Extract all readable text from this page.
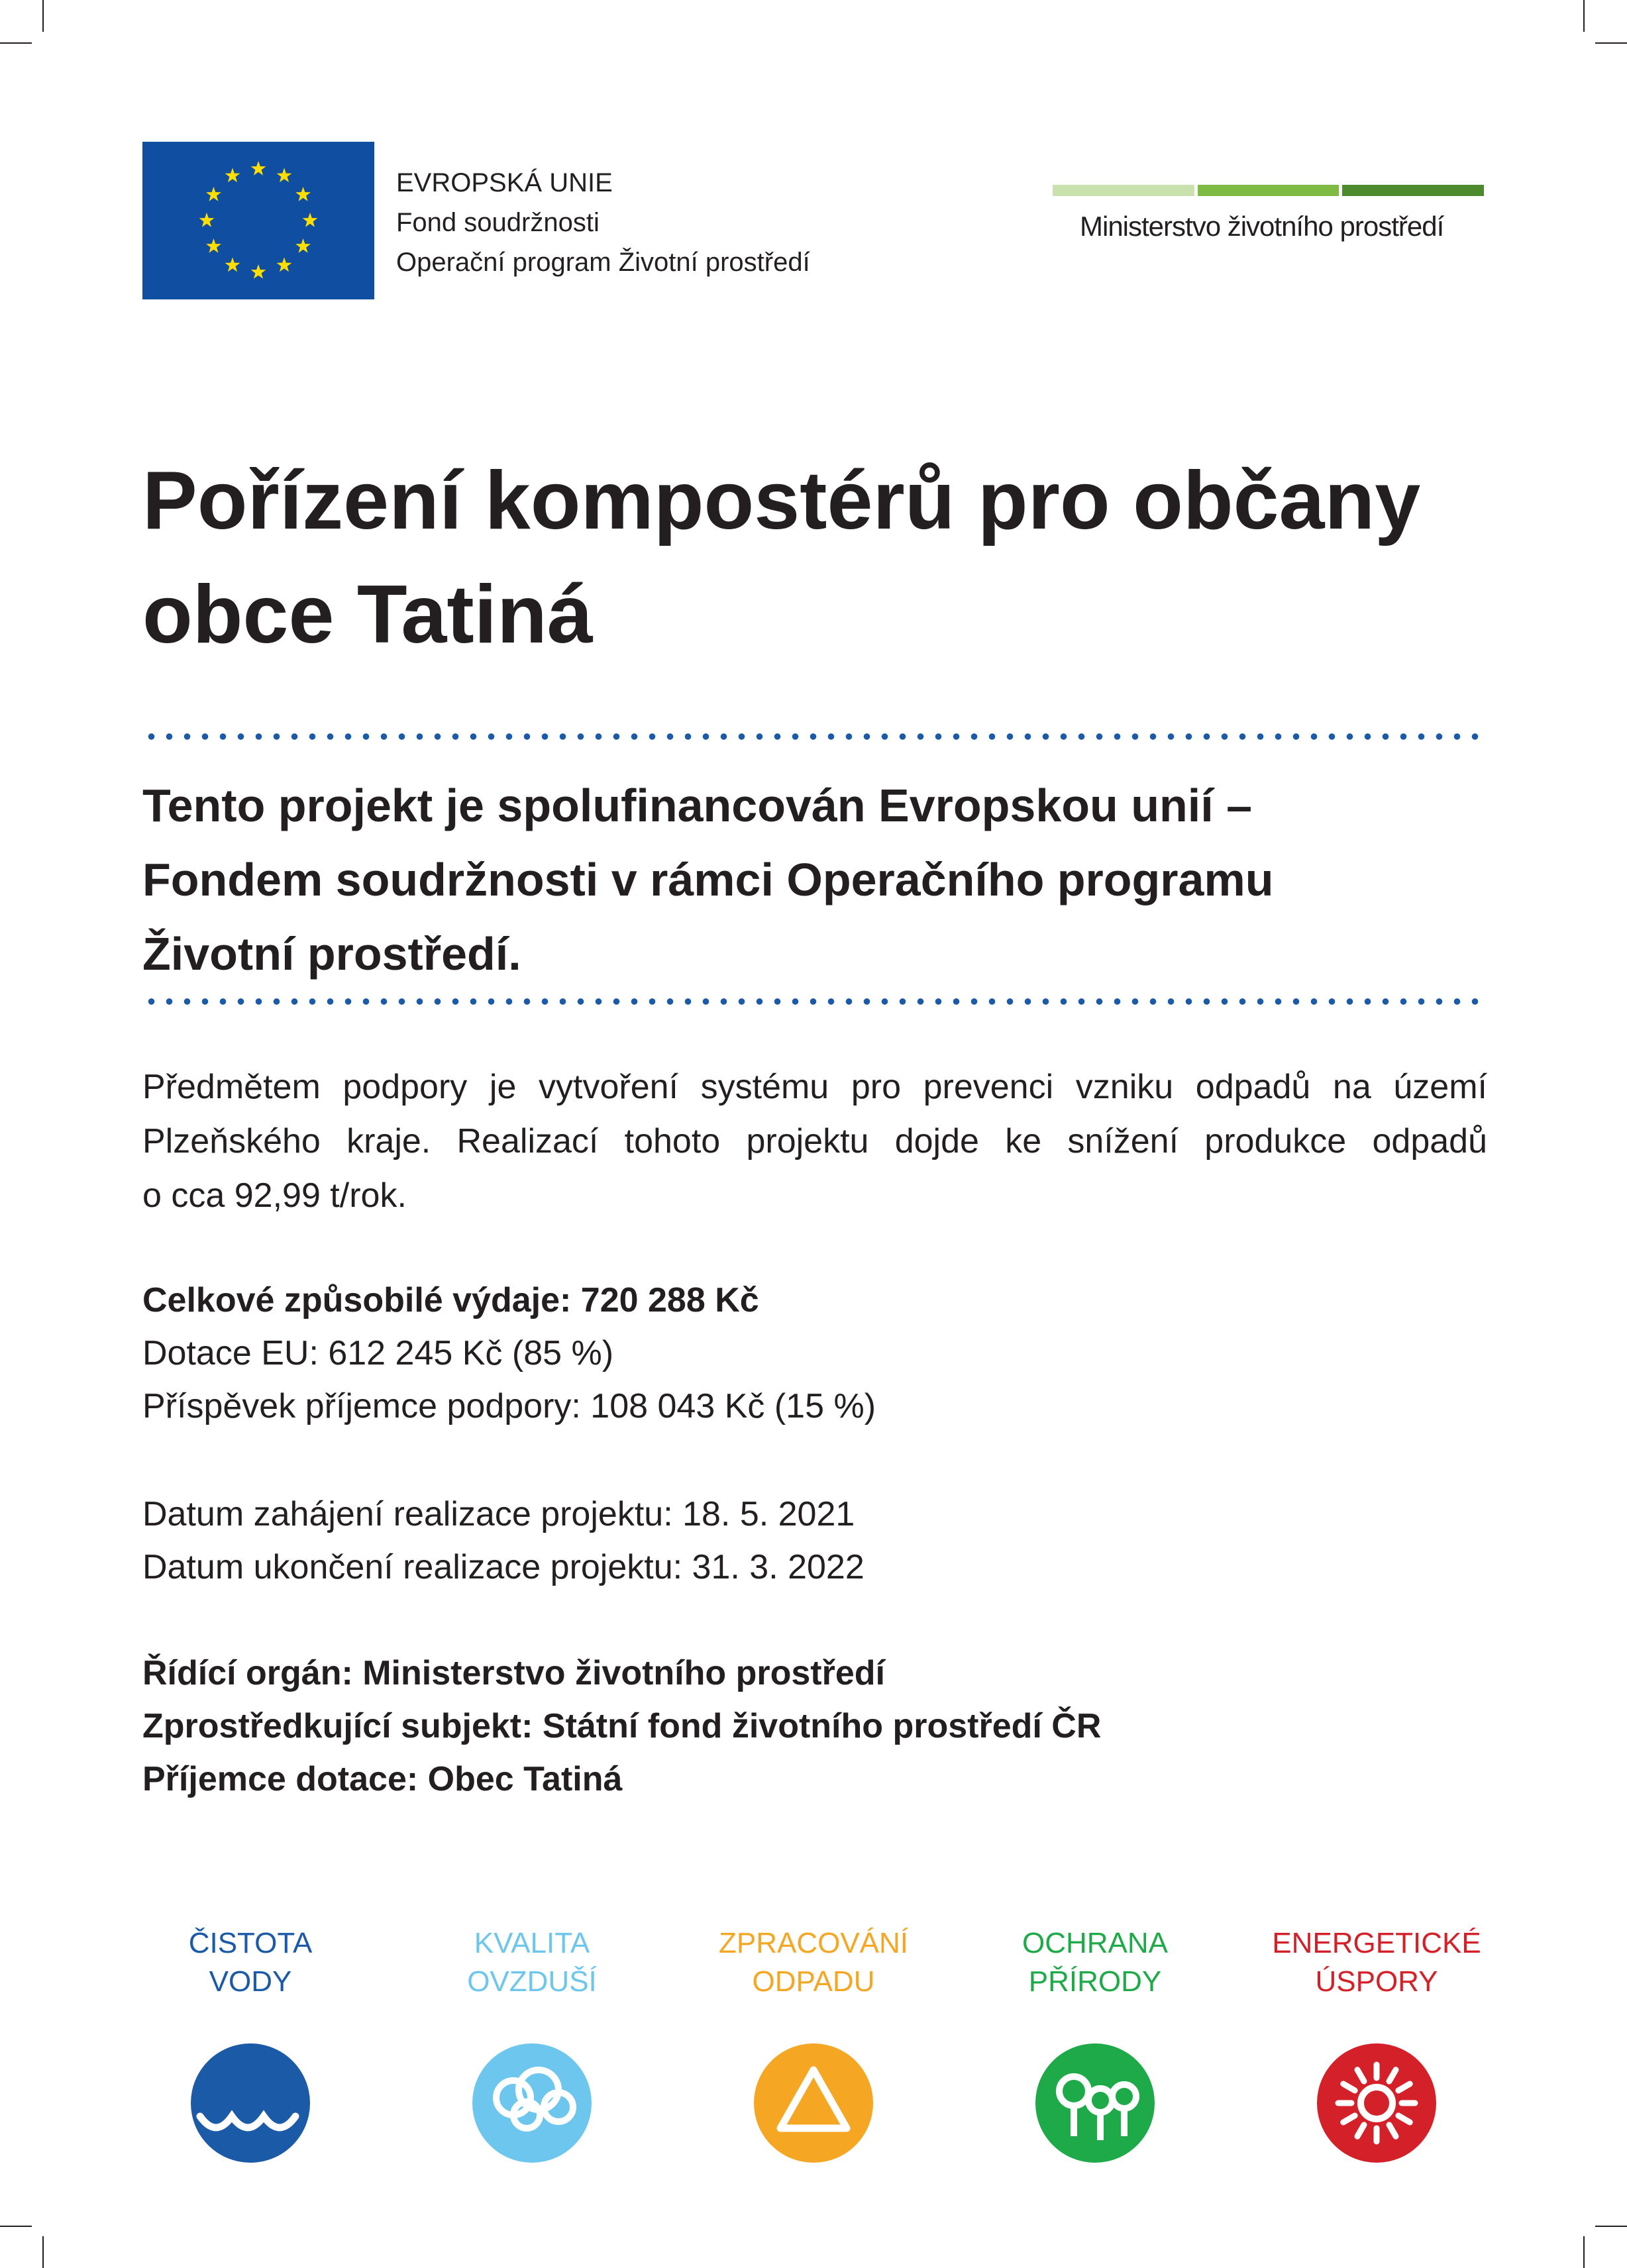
EVROPSKÁ UNIE
Fond soudržnosti
Operační program Životní prostředí
Ministerstvo životního prostředí
Pořízení kompostérů pro občany
obce Tatiná
Tento projekt je spolufinancován Evropskou unií –
Fondem soudržnosti v rámci Operačního programu
Životní prostředí.
Předmětem podpory je vytvoření systému pro prevenci vzniku odpadů na území
Plzeňského kraje. Realizací tohoto projektu dojde ke snížení produkce odpadů
o cca 92,99 t/rok.
Celkové způsobilé výdaje: 720 288 Kč
Dotace EU: 612 245 Kč (85 %)
Příspěvek příjemce podpory: 108 043 Kč (15 %)
Datum zahájení realizace projektu: 18. 5. 2021
Datum ukončení realizace projektu: 31. 3. 2022
Řídící orgán: Ministerstvo životního prostředí
Zprostředkující subjekt: Státní fond životního prostředí ČR
Příjemce dotace: Obec Tatiná
ČISTOTA
VODY
KVALITA
OVZDUŠÍ
ZPRACOVÁNÍ
ODPADU
OCHRANA
PŘÍRODY
ENERGETICKÉ
ÚSPORY
